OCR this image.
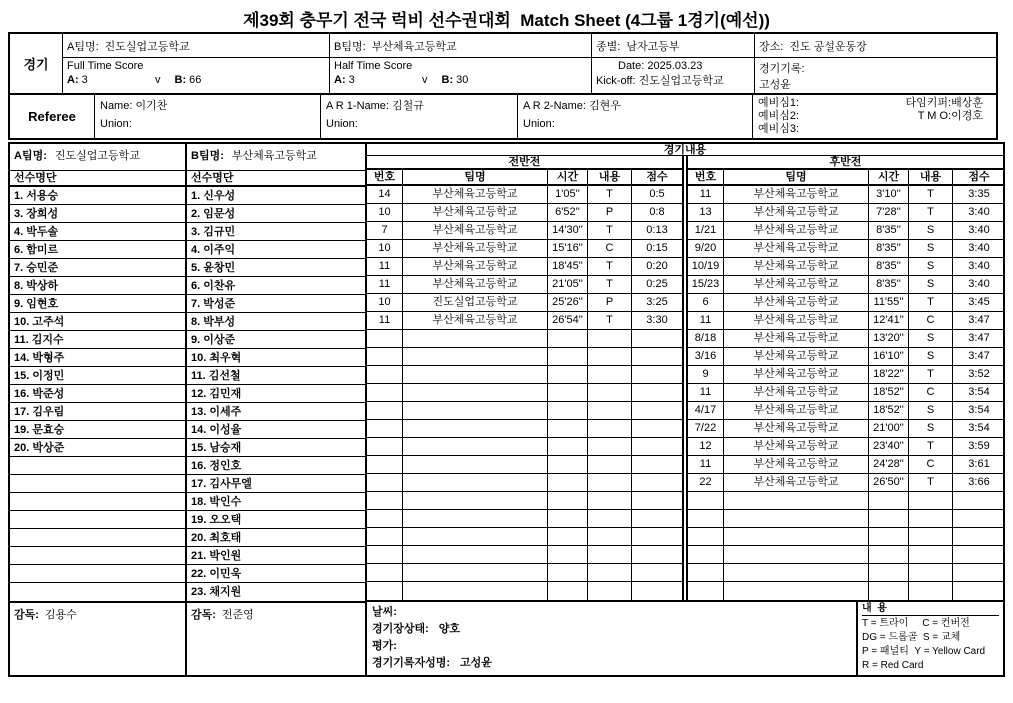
제39회 충무기 전국 럭비 선수권대회  Match Sheet (4그룹 1경기(예선))
경기
A팀명: 진도실업고등학교	B팀명: 부산체육고등학교	종별: 남자고등부	장소: 진도 공설운동장
Full Time Score
A: 3	v B: 66
Half Time Score
A: 3	v B: 30
Date: 2025.03.23
Kick-off: 진도실업고등학교
경기기록:
고성윤
Referee
Name: 이기찬
Union:
A R 1-Name: 김철규
Union:
A R 2-Name: 김현우
Union:
예비심1:	타임키퍼:배상훈
예비심2:	T M O:이경호
예비심3:
A팀명: 진도실업고등학교
선수명단
1. 서용승
3. 장희성
4. 박두솔
6. 함미르
7. 승민준
8. 박상하
9. 임현호
10. 고주석
11. 김지수
14. 박형주
15. 이정민
16. 박준성
17. 김우림
19. 문효승
20. 박상준
감독: 김용수
B팀명: 부산체육고등학교
선수명단
1. 신우성
2. 임문성
3. 김규민
4. 이주익
5. 윤창민
6. 이찬유
7. 박성준
8. 박부성
9. 이상준
10. 최우혁
11. 김선철
12. 김민재
13. 이세주
14. 이성율
15. 남승재
16. 정인호
17. 김사무엘
18. 박인수
19. 오오택
20. 최호태
21. 박인원
22. 이민욱
23. 채지원
감독: 전준영
경기내용
전반전
번호	팀명	시간	내용	점수
14	부산체육고등학교	1'05''	T	0:5
10	부산체육고등학교	6'52''	P	0:8
7	부산체육고등학교	14'30''	T	0:13
10	부산체육고등학교	15'16''	C	0:15
11	부산체육고등학교	18'45''	T	0:20
11	부산체육고등학교	21'05''	T	0:25
10	진도실업고등학교	25'26''	P	3:25
11	부산체육고등학교	26'54''	T	3:30
후반전
번호	팀명	시간	내용	점수
11	부산체육고등학교	3'10''	T	3:35
13	부산체육고등학교	7'28''	T	3:40
1/21	부산체육고등학교	8'35''	S	3:40
9/20	부산체육고등학교	8'35''	S	3:40
10/19	부산체육고등학교	8'35''	S	3:40
15/23	부산체육고등학교	8'35''	S	3:40
6	부산체육고등학교	11'55''	T	3:45
11	부산체육고등학교	12'41''	C	3:47
8/18	부산체육고등학교	13'20''	S	3:47
3/16	부산체육고등학교	16'10''	S	3:47
9	부산체육고등학교	18'22''	T	3:52
11	부산체육고등학교	18'52''	C	3:54
4/17	부산체육고등학교	18'52''	S	3:54
7/22	부산체육고등학교	21'00''	S	3:54
12	부산체육고등학교	23'40''	T	3:59
11	부산체육고등학교	24'28''	C	3:61
22	부산체육고등학교	26'50''	T	3:66
날씨:
경기장상태: 양호
평가:
경기기록자성명: 고성윤
내  용
T = 트라이     C = 컨버전
DG = 드롭골  S = 교체
P = 패널티  Y = Yellow Card
R = Red Card
